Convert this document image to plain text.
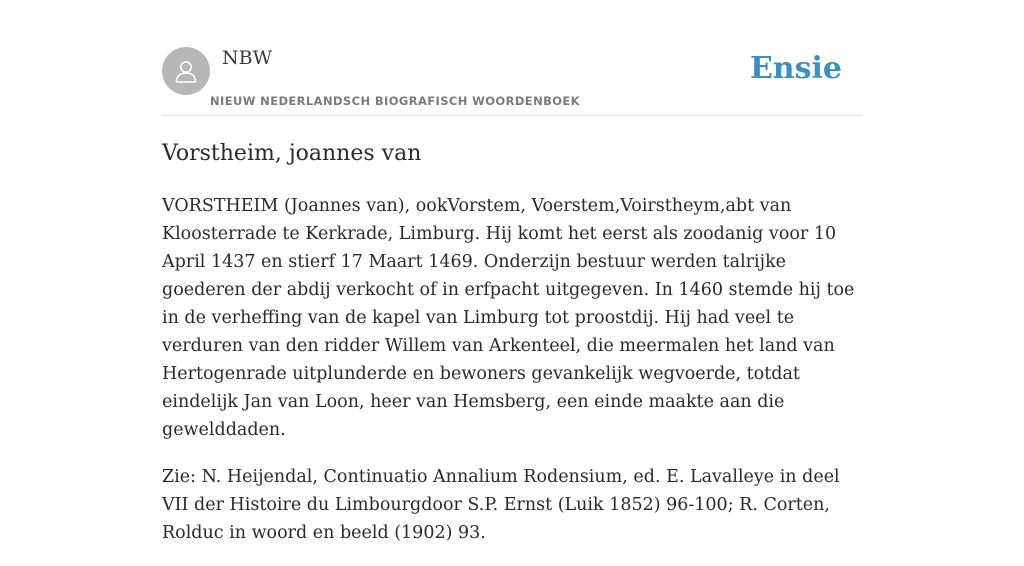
NBW
NIEUW NEDERLANDSCH BIOGRAFISCH WOORDENBOEK
Ensie
Vorstheim, joannes van

VORSTHEIM (Joannes van), ookVorstem, Voerstem,Voirstheym,abt van Kloosterrade te Kerkrade, Limburg. Hij komt het eerst als zoodanig voor 10 April 1437 en stierf 17 Maart 1469. Onderzijn bestuur werden talrijke goederen der abdij verkocht of in erfpacht uitgegeven. In 1460 stemde hij toe in de verheffing van de kapel van Limburg tot proostdij. Hij had veel te verduren van den ridder Willem van Arkenteel, die meermalen het land van Hertogenrade uitplunderde en bewoners gevankelijk wegvoerde, totdat eindelijk Jan van Loon, heer van Hemsberg, een einde maakte aan die gewelddaden.

Zie: N. Heijendal, Continuatio Annalium Rodensium, ed. E. Lavalleye in deel VII der Histoire du Limbourgdoor S.P. Ernst (Luik 1852) 96-100; R. Corten, Rolduc in woord en beeld (1902) 93.
